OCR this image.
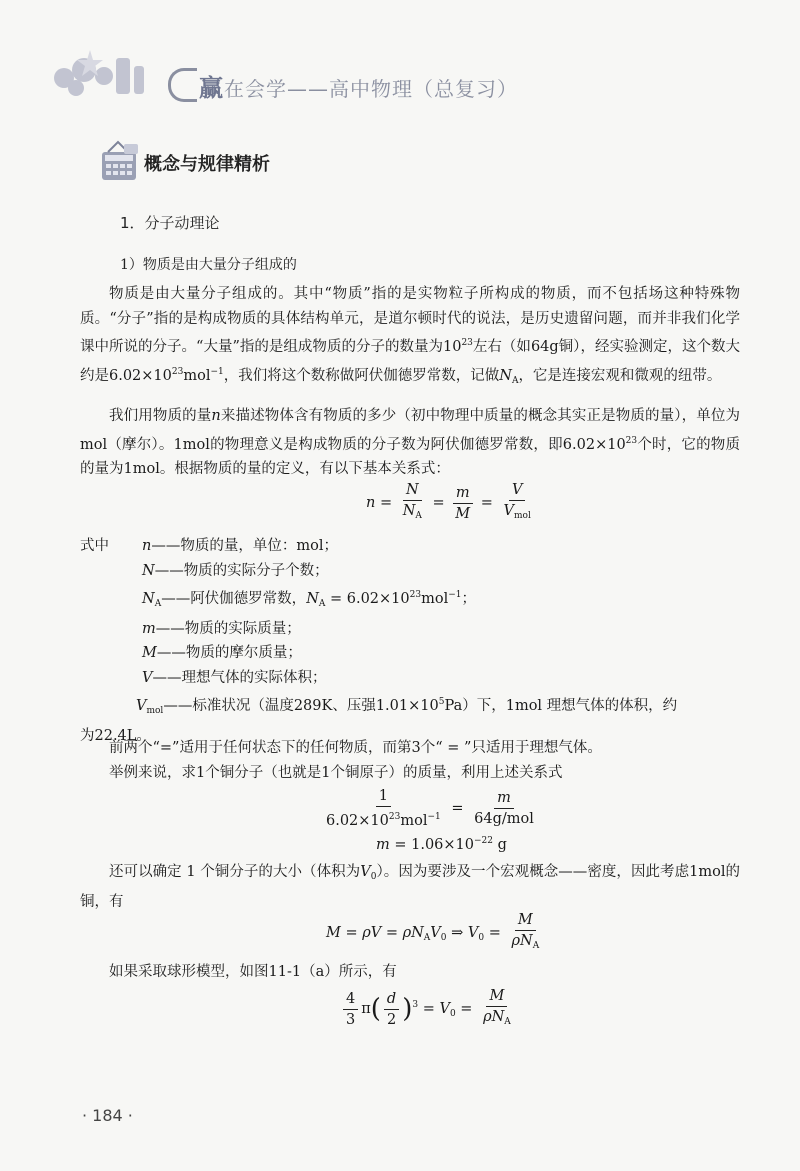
赢在会学——高中物理（总复习）
概念与规律精析
1．分子动理论
1）物质是由大量分子组成的

物质是由大量分子组成的。其中“物质”指的是实物粒子所构成的物质，而不包括场这种特殊物质。“分子”指的是构成物质的具体结构单元，是道尔顿时代的说法，是历史遗留问题，而并非我们化学课中所说的分子。“大量”指的是组成物质的分子的数量为$10^{23}$左右（如64g铜），经实验测定，这个数大约是$6.02\times 10^{23}mol^{-1}$，我们将这个数称做阿伏伽德罗常数，记做$N_A$，它是连接宏观和微观的纽带。

我们用物质的量n来描述物体含有物质的多少（初中物理中质量的概念其实正是物质的量），单位为mol（摩尔）。1mol的物理意义是构成物质的分子数为阿伏伽德罗常数，即$6.02\times 10^{23}$个时，它的物质的量为1mol。根据物质的量的定义，有以下基本关系式：

$n = \frac{N}{N_A} = \frac{m}{M} = \frac{V}{V_{mol}}$
式中 n——物质的量，单位：mol；
N——物质的实际分子个数；
$N_A——$阿伏伽德罗常数，$N_A = 6.02\times 10^{23}mol^{-1}$；
m——物质的实际质量；
M——物质的摩尔质量；
V——理想气体的实际体积；
$V_{mol}——$标准状况（温度289K、压强$1.01\times 10^5Pa$）下，1mol 理想气体的体积，约
为22.4L。

前两个“=”适用于任何状态下的任何物质，而第3个“ = ”只适用于理想气体。

举例来说，求1个铜分子（也就是1个铜原子）的质量，利用上述关系式

$\frac{1}{6.02\times 10^{23}mol^{-1}} = \frac{m}{\text{64g/mol}}$
$m = 1.06\times 10^{-22}$ g

还可以确定 1 个铜分子的大小（体积为$V_0$）。因为要涉及一个宏观概念——密度，因此考虑1mol的铜，有

$M = \rho V = \rho N_AV_0$ ⇒ $V_0 = \frac{M}{\rho N_A}$

如果采取球形模型，如图11-1（a）所示，有

$\frac{4}{3} \pi( \frac{d}{2} )^3 = V_0 = \frac{M}{\rho N_A}$
· 184 ·
